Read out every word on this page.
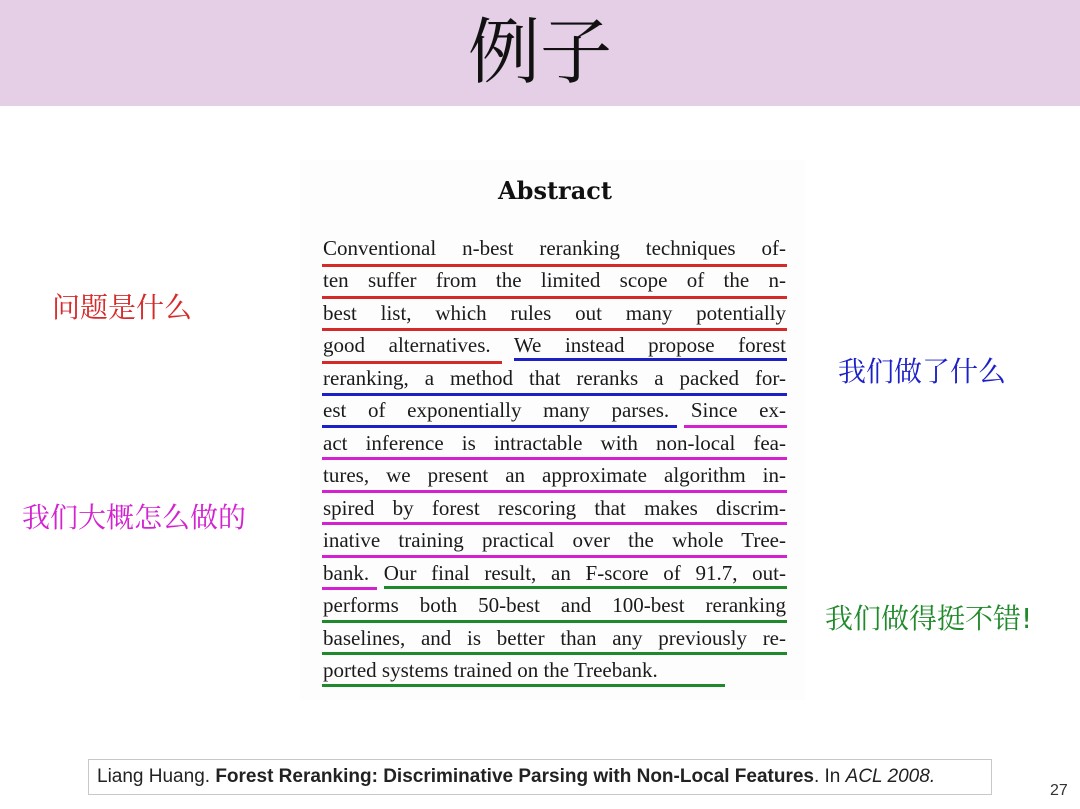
例子
Abstract
Conventional n-best reranking techniques of-
ten suffer from the limited scope of the n-
best list, which rules out many potentially
good alternatives. We instead propose forest
reranking, a method that reranks a packed for-
est of exponentially many parses. Since ex-
act inference is intractable with non-local fea-
tures, we present an approximate algorithm in-
spired by forest rescoring that makes discrim-
inative training practical over the whole Tree-
bank. Our final result, an F-score of 91.7, out-
performs both 50-best and 100-best reranking
baselines, and is better than any previously re-
ported systems trained on the Treebank.
问题是什么
我们做了什么
我们大概怎么做的
我们做得挺不错!
Liang Huang. Forest Reranking: Discriminative Parsing with Non-Local Features. In ACL 2008.
27
